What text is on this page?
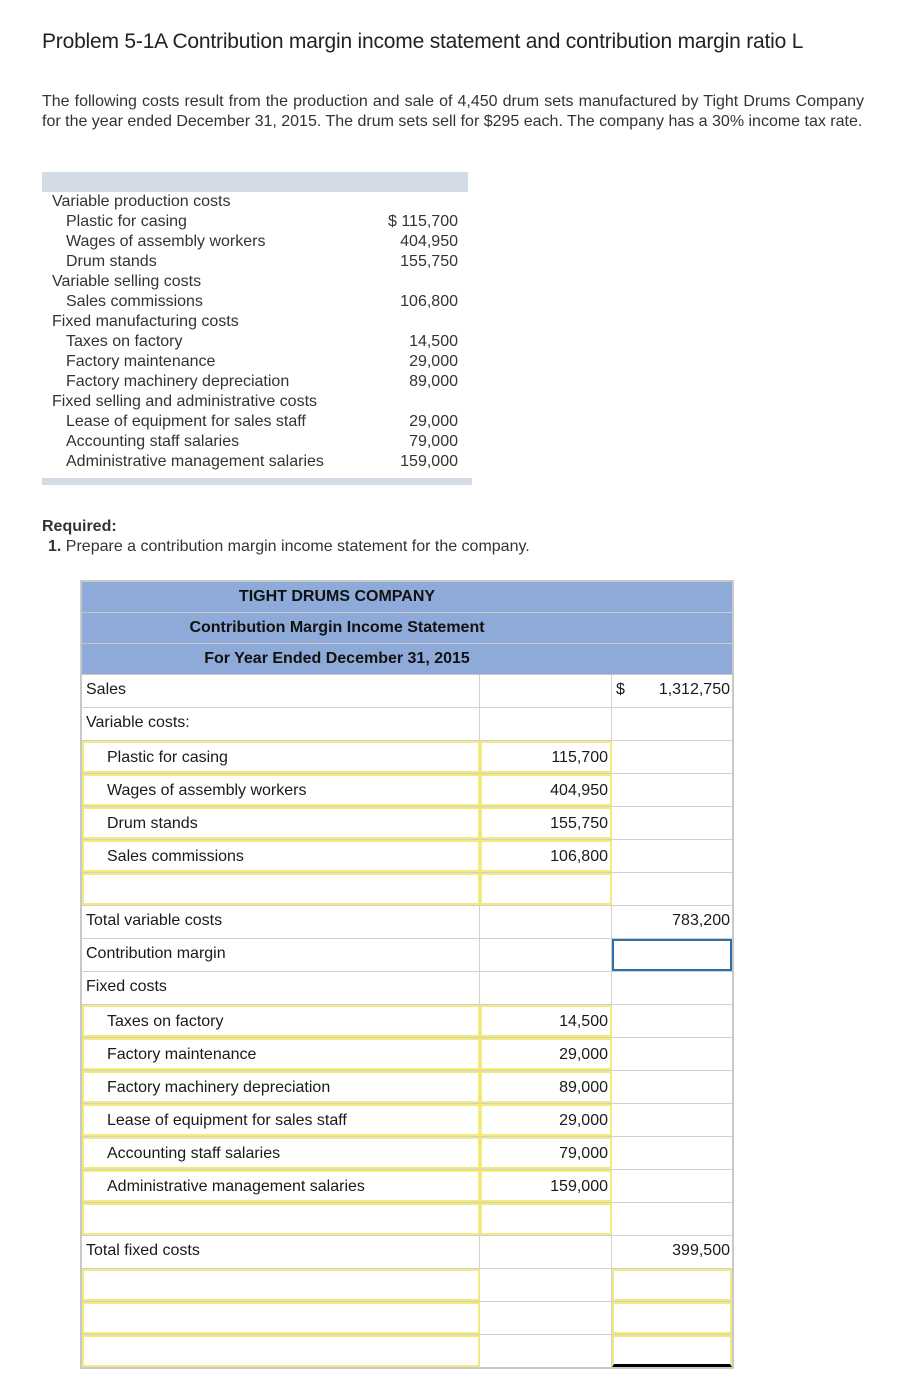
Problem 5-1A Contribution margin income statement and contribution margin ratio L
The following costs result from the production and sale of 4,450 drum sets manufactured by Tight Drums Company for the year ended December 31, 2015. The drum sets sell for $295 each. The company has a 30% income tax rate.
Variable production costs
Plastic for casing	$ 115,700
Wages of assembly workers	404,950
Drum stands	155,750
Variable selling costs
Sales commissions	106,800
Fixed manufacturing costs
Taxes on factory	14,500
Factory maintenance	29,000
Factory machinery depreciation	89,000
Fixed selling and administrative costs
Lease of equipment for sales staff	29,000
Accounting staff salaries	79,000
Administrative management salaries	159,000
Required:
1. Prepare a contribution margin income statement for the company.
TIGHT DRUMS COMPANY
Contribution Margin Income Statement
For Year Ended December 31, 2015
Sales	$ 1,312,750
Variable costs:
Plastic for casing	115,700
Wages of assembly workers	404,950
Drum stands	155,750
Sales commissions	106,800
Total variable costs	783,200
Contribution margin
Fixed costs
Taxes on factory	14,500
Factory maintenance	29,000
Factory machinery depreciation	89,000
Lease of equipment for sales staff	29,000
Accounting staff salaries	79,000
Administrative management salaries	159,000
Total fixed costs	399,500
